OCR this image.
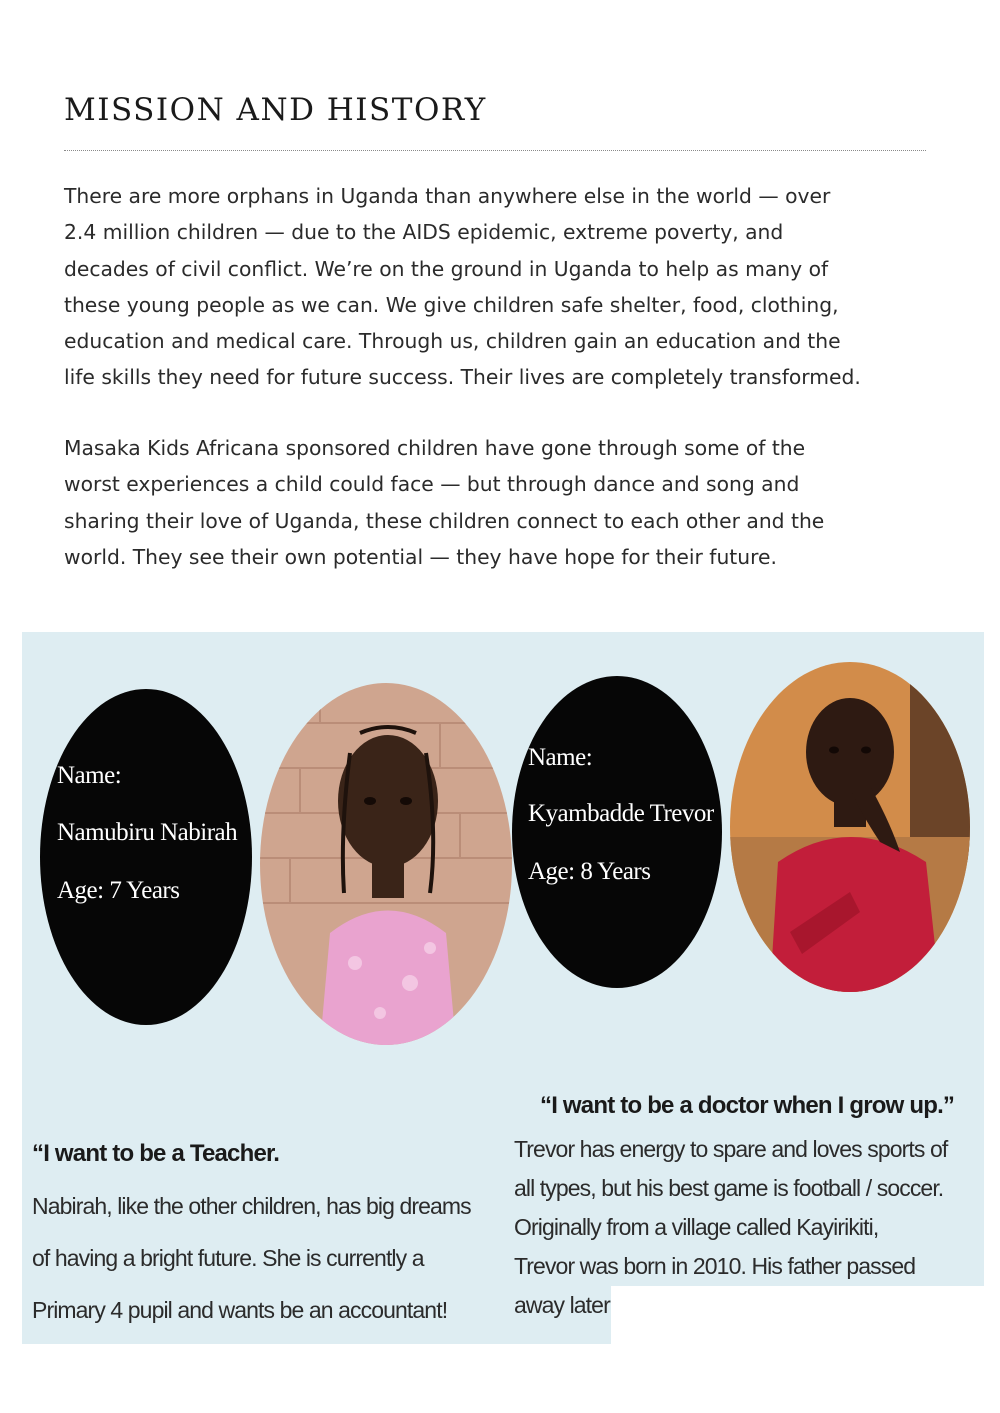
MISSION AND HISTORY

There are more orphans in Uganda than anywhere else in the world — over
2.4 million children — due to the AIDS epidemic, extreme poverty, and
decades of civil conflict. We’re on the ground in Uganda to help as many of
these young people as we can. We give children safe shelter, food, clothing,
education and medical care. Through us, children gain an education and the
life skills they need for future success. Their lives are completely transformed.

Masaka Kids Africana sponsored children have gone through some of the
worst experiences a child could face — but through dance and song and
sharing their love of Uganda, these children connect to each other and the
world. They see their own potential — they have hope for their future.

Name:
Namubiru Nabirah
Age: 7 Years
Name:
Kyambadde Trevor
Age: 8 Years

“I want to be a Teacher.

Nabirah, like the other children, has big dreams
of having a bright future. She is currently a
Primary 4 pupil and wants be an accountant!

“I want to be a doctor when I grow up.”

Trevor has energy to spare and loves sports of
all types, but his best game is football / soccer.
Originally from a village called Kayirikiti,
Trevor was born in 2010. His father passed
away later
